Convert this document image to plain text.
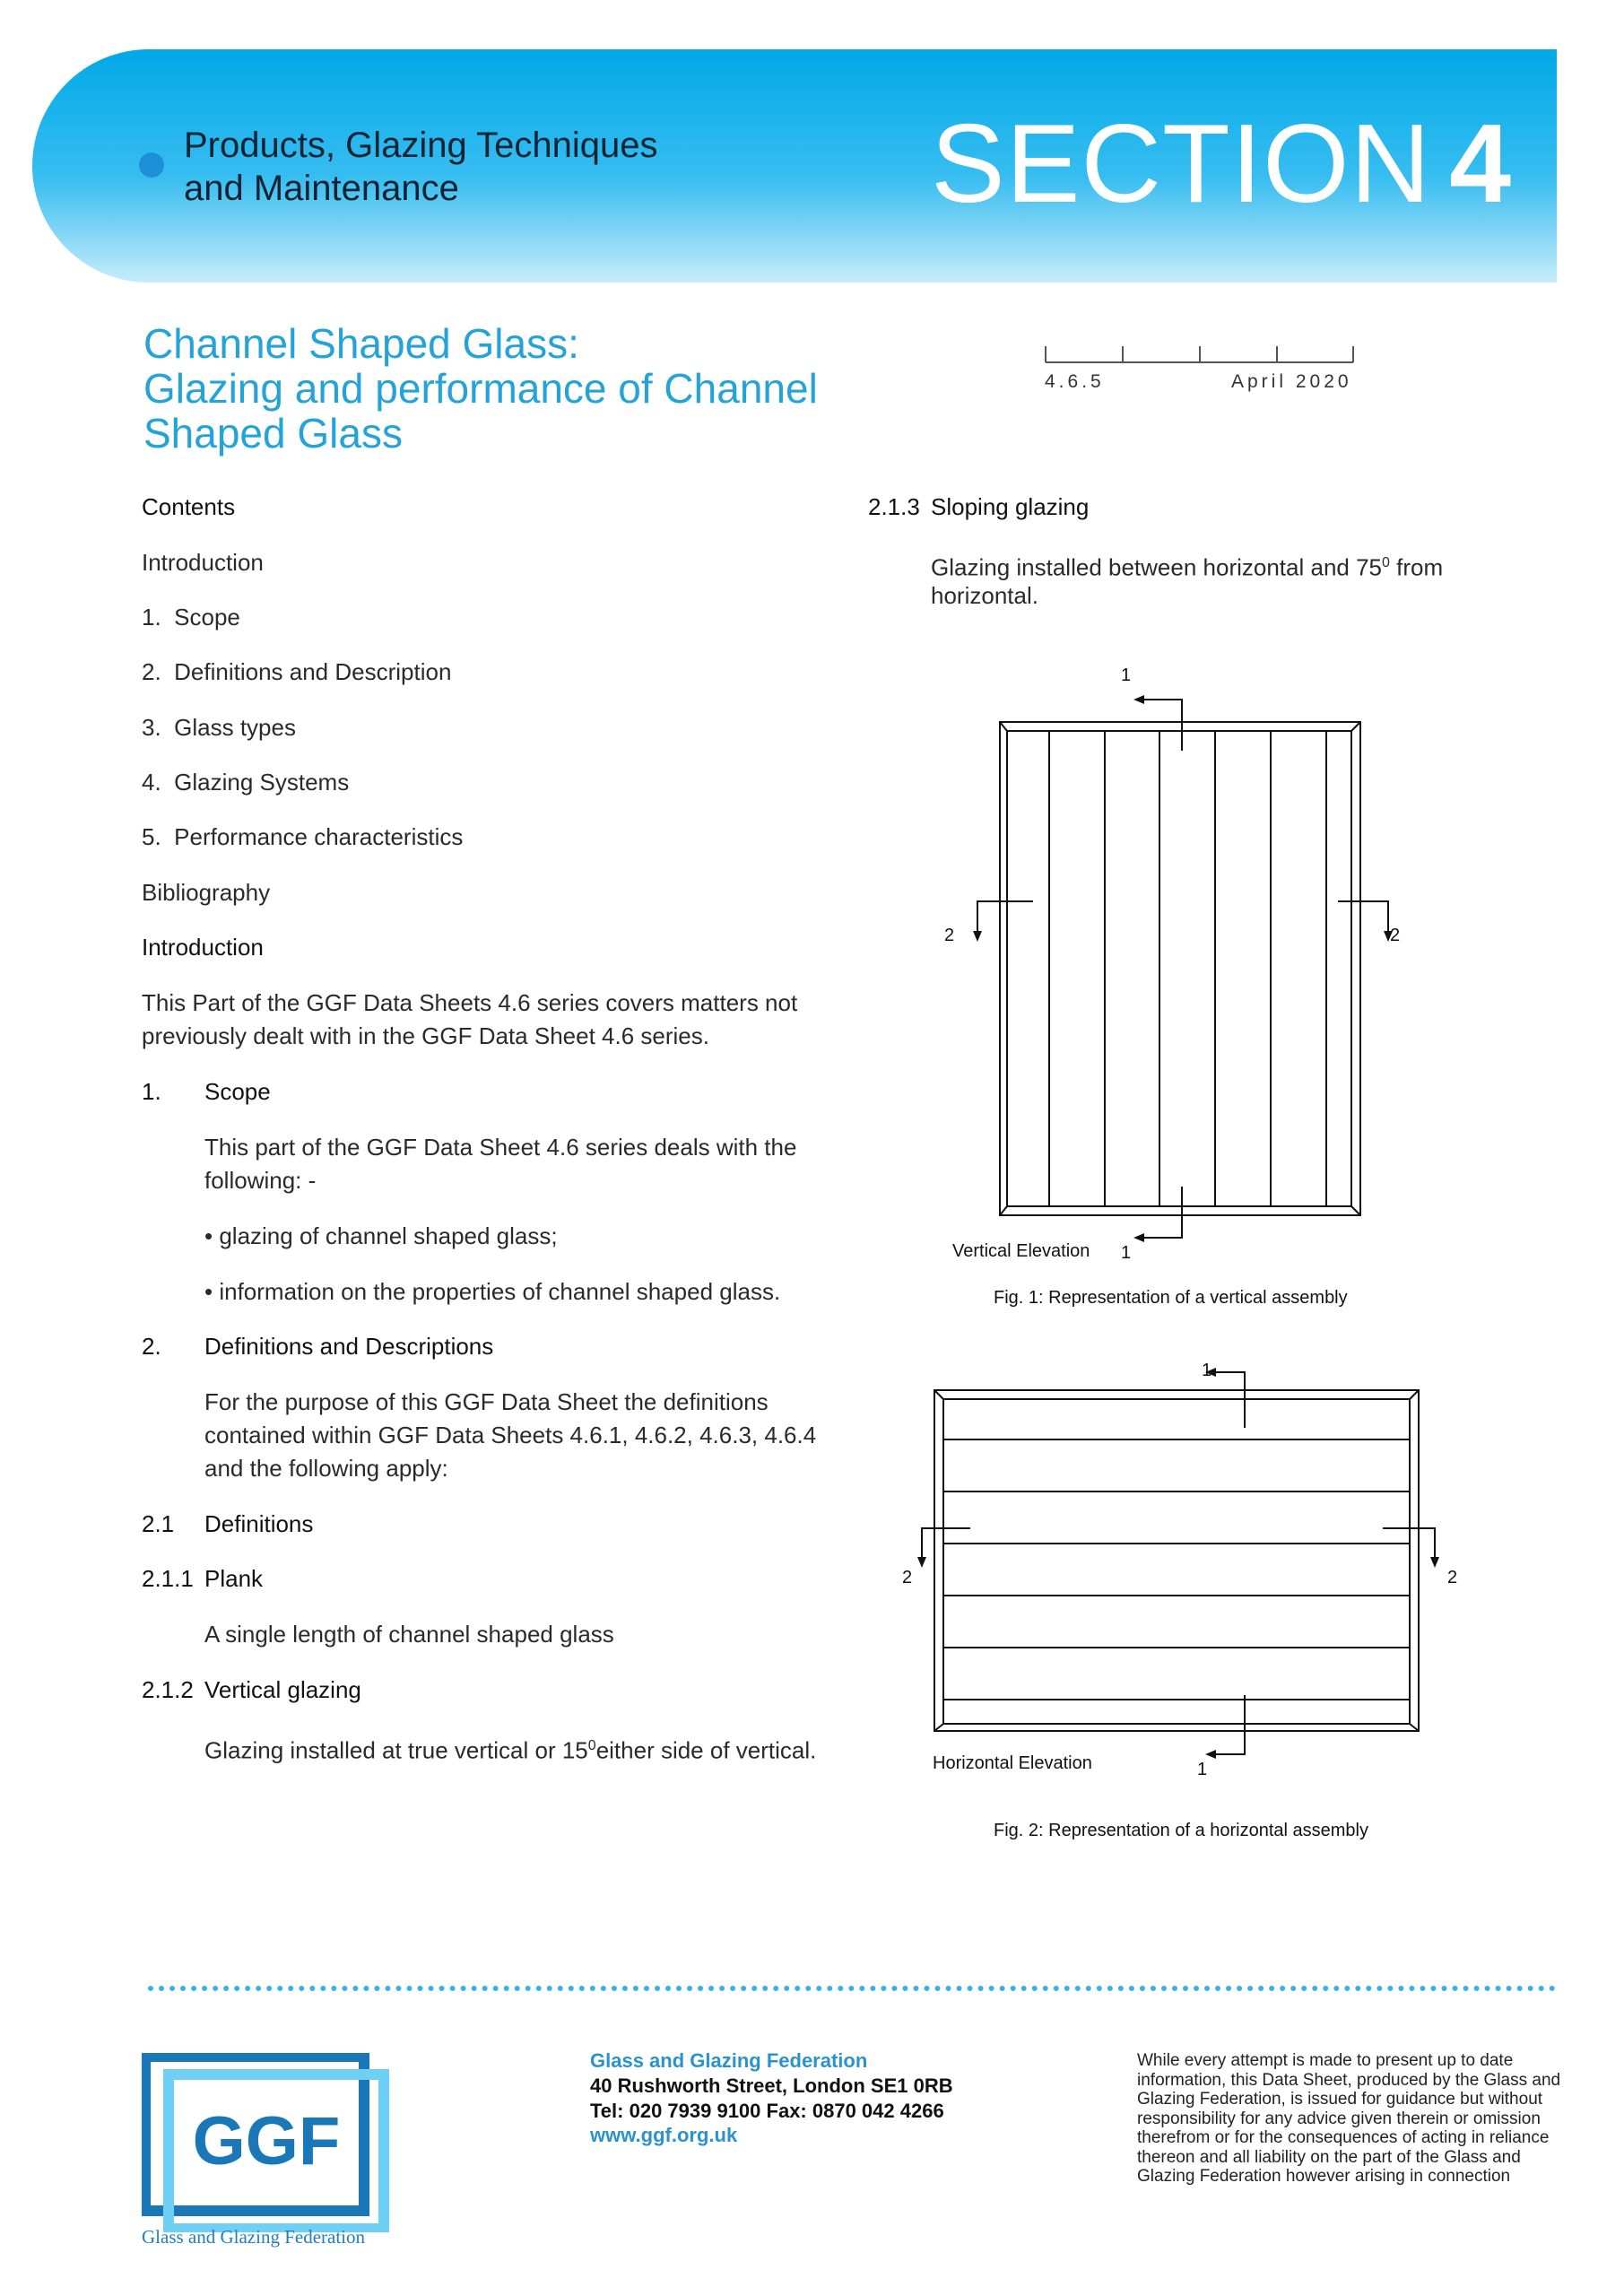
Products, Glazing Techniques
and Maintenance	SECTION 4
Channel Shaped Glass:
Glazing and performance of Channel
Shaped Glass
4.6.5	April 2020
Contents
Introduction
1. Scope
2. Definitions and Description
3. Glass types
4. Glazing Systems
5. Performance characteristics
Bibliography
Introduction
This Part of the GGF Data Sheets 4.6 series covers matters not
previously dealt with in the GGF Data Sheet 4.6 series.
1. Scope
This part of the GGF Data Sheet 4.6 series deals with the
following: -
• glazing of channel shaped glass;
• information on the properties of channel shaped glass.
2. Definitions and Descriptions
For the purpose of this GGF Data Sheet the definitions
contained within GGF Data Sheets 4.6.1, 4.6.2, 4.6.3, 4.6.4
and the following apply:
2.1 Definitions
2.1.1 Plank
A single length of channel shaped glass
2.1.2 Vertical glazing
Glazing installed at true vertical or $15^0either$ side of vertical.
2.1.3 Sloping glazing
Glazing installed between horizontal and $75^0$ from
horizontal.
1
2	2
Vertical Elevation 1
Fig. 1: Representation of a vertical assembly
1
2	2
Horizontal Elevation	1
Fig. 2: Representation of a horizontal assembly
GGF
Glass and Glazing Federation
Glass and Glazing Federation
40 Rushworth Street, London SE1 0RB
Tel: 020 7939 9100 Fax: 0870 042 4266
www.ggf.org.uk
While every attempt is made to present up to date information, this Data Sheet, produced by the Glass and Glazing Federation, is issued for guidance but without responsibility for any advice given therein or omission therefrom or for the consequences of acting in reliance thereon and all liability on the part of the Glass and Glazing Federation however arising in connection
